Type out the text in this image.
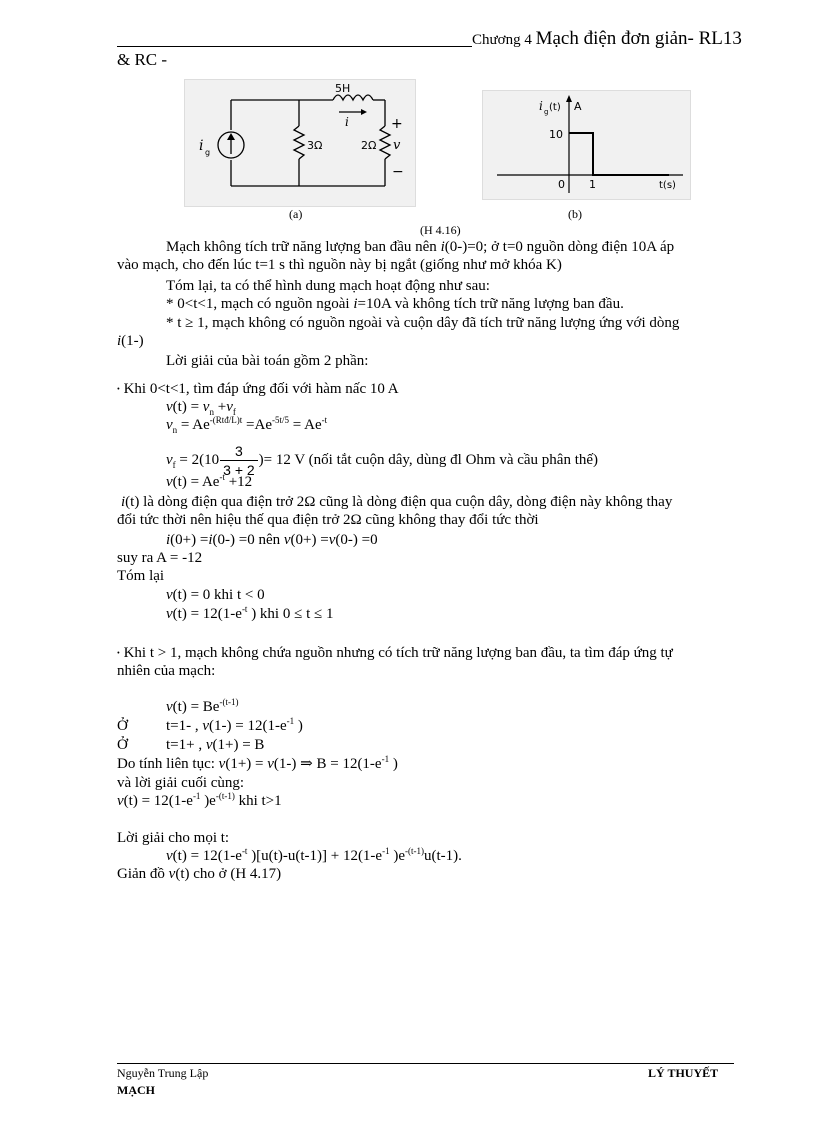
Chương 4 Mạch điện đơn giản- RL13
& RC -
5H
i
i g
3Ω	2Ω v
+
−
(a)
i g (t) A
10
0 1	t(s)
(b)
(H 4.16)
Mạch không tích trữ năng lượng ban đầu nên i(0-)=0; ở t=0 nguồn dòng điện 10A áp
vào mạch, cho đến lúc t=1 s thì nguồn này bị ngắt (giống như mở khóa K)
Tóm lại, ta có thể hình dung mạch hoạt động như sau:
* 0<t<1, mạch có nguồn ngoài i=10A và không tích trữ năng lượng ban đầu.
* t ≥ 1, mạch không có nguồn ngoài và cuộn dây đã tích trữ năng lượng ứng với dòng
i(1-)
Lời giải của bài toán gồm 2 phần:
• Khi 0<t<1, tìm đáp ứng đối với hàm nấc 10 A
$v(t) = v_n +v_f$
$v_n = Ae^{-(Rtđ/L)t} =Ae^{-5t/5} = Ae^{-t}$
$v_f = 2(10 \frac{3}{3 + 2}$ )= 12 V (nối tắt cuộn dây, dùng đl Ohm và cầu phân thế)
$v(t) = Ae^{-t} +12$
i(t) là dòng điện qua điện trở 2Ω cũng là dòng điện qua cuộn dây, dòng điện này không thay
đổi tức thời nên hiệu thế qua điện trở 2Ω cũng không thay đổi tức thời
i(0+) =i(0-) =0 nên v(0+) =v(0-) =0
suy ra A = -12
Tóm lại
v(t) = 0 khi t < 0
$v(t) = 12(1-e^{-t}$ ) khi 0 ≤ t ≤ 1
• Khi t > 1, mạch không chứa nguồn nhưng có tích trữ năng lượng ban đầu, ta tìm đáp ứng tự
nhiên của mạch:
$v(t) = Be^{-(t-1)}$
Ở	t=1- , $v(1-) = 12(1-e^{-1}$ )
Ở	t=1+ , v(1+) = B
Do tính liên tục: v(1+) = v(1-) ⇒ $B = 12(1-e^{-1}$ )
và lời giải cuối cùng:
$v(t) = 12(1-e^{-1}$ )$e^{-(t-1)}$ khi t>1
Lời giải cho mọi t:
$v(t) = 12(1-e^{-t}$ )$[u(t)-u(t-1)] + 12(1-e^{-1}$ )$e^{-(t-1)}u(t-1)$.
Giản đồ v(t) cho ở (H 4.17)
Nguyễn Trung Lập	LÝ THUYẾT
MẠCH
